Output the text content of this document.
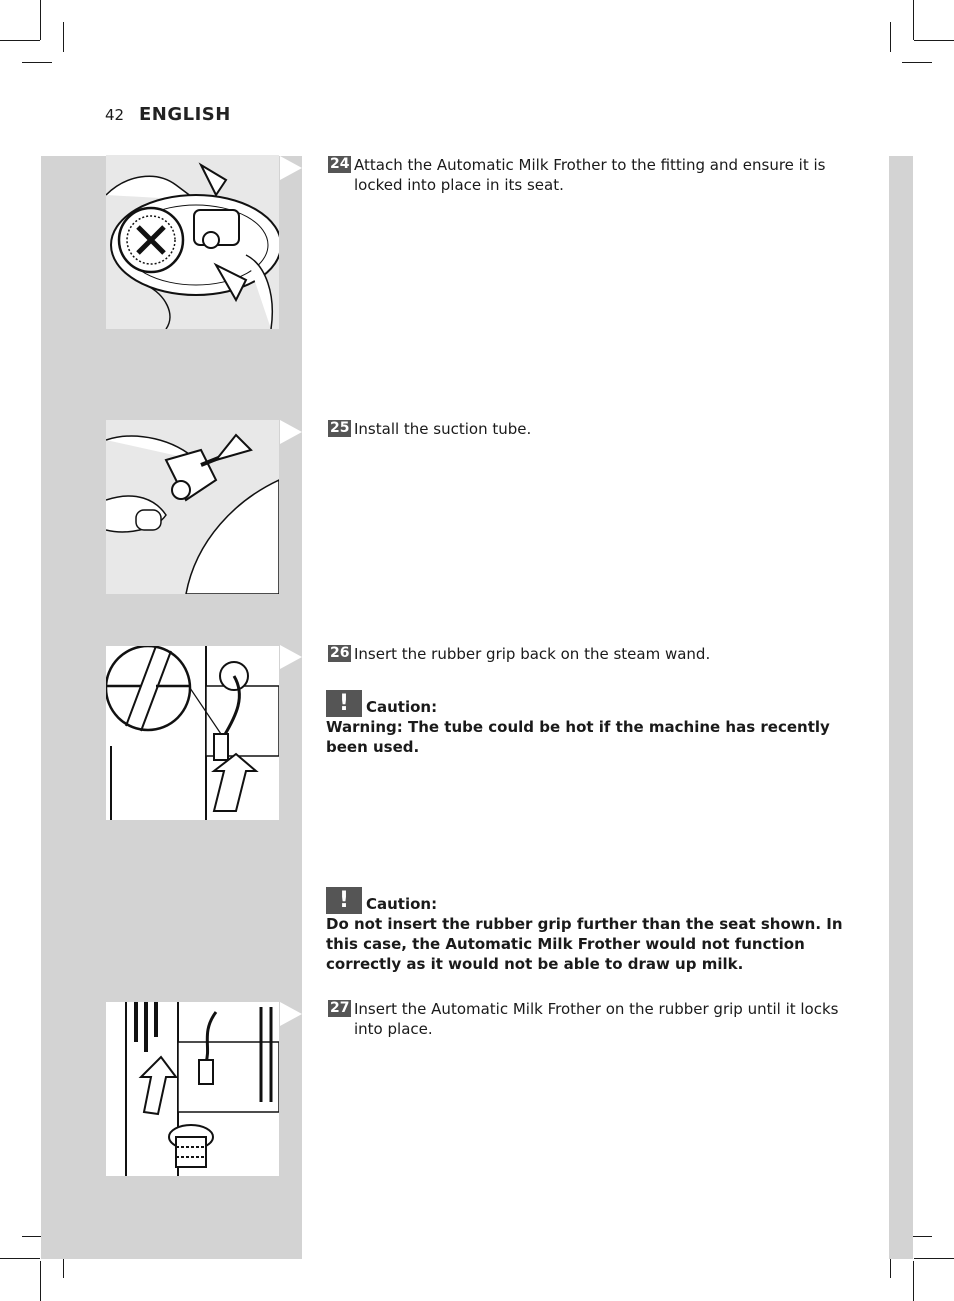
42 ENGLISH
24 Attach the Automatic Milk Frother to the fitting and ensure it is locked into place in its seat.
25 Install the suction tube.
26 Insert the rubber grip back on the steam wand.
!	Caution:
Warning: The tube could be hot if the machine has recently been used.
!	Caution:
Do not insert the rubber grip further than the seat shown. In this case, the Automatic Milk Frother would not function correctly as it would not be able to draw up milk.
27 Insert the Automatic Milk Frother on the rubber grip until it locks into place.
